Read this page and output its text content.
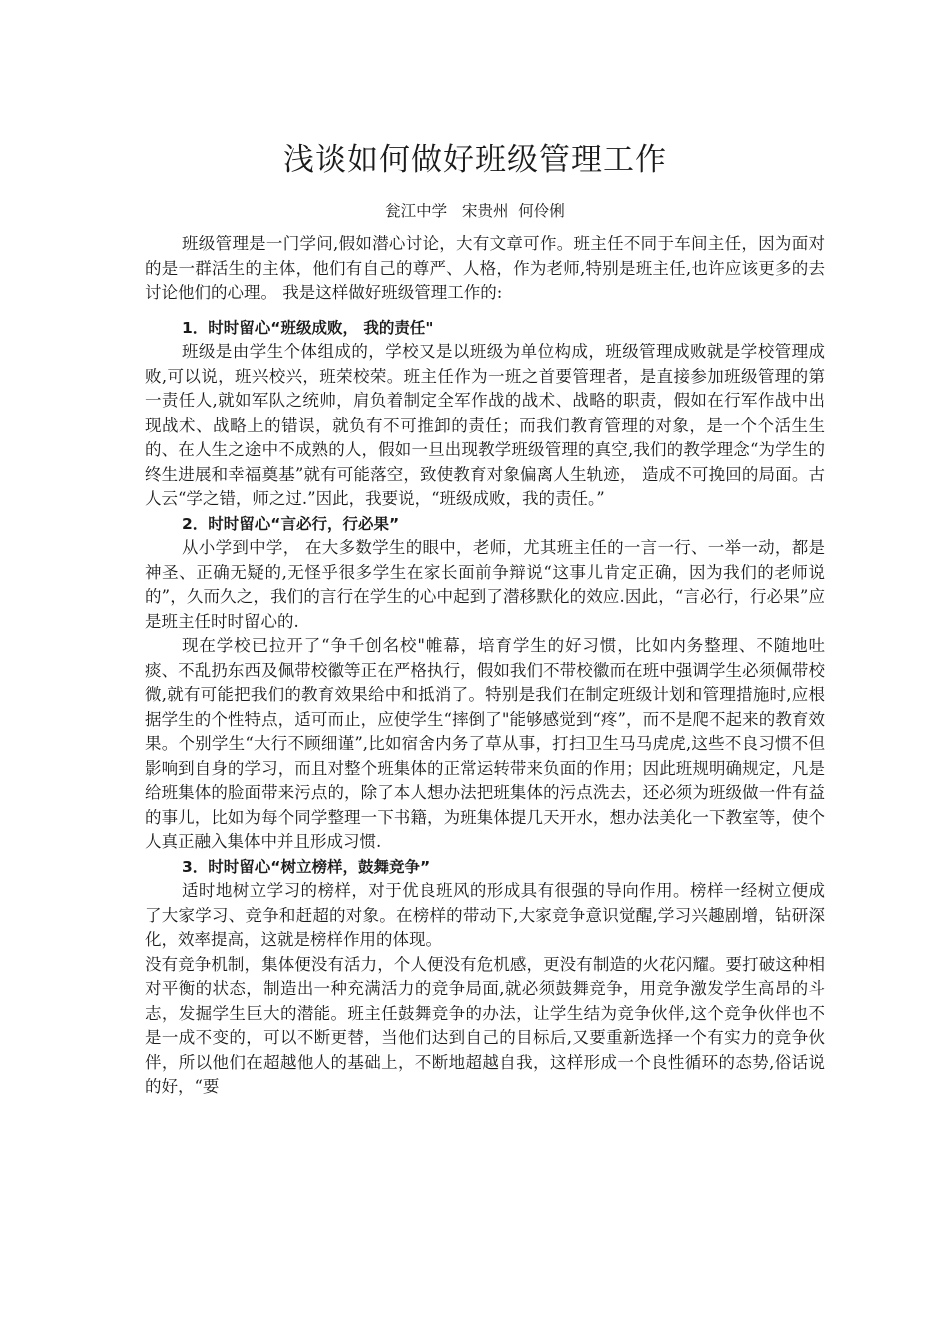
浅谈如何做好班级管理工作
瓮江中学   宋贵州  何伶俐

班级管理是一门学问,假如潜心讨论，大有文章可作。班主任不同于车间主任，因为面对的是一群活生的主体，他们有自己的尊严、人格，作为老师,特别是班主任,也许应该更多的去讨论他们的心理。 我是这样做好班级管理工作的:

1．时时留心“班级成败， 我的责任"

班级是由学生个体组成的，学校又是以班级为单位构成，班级管理成败就是学校管理成败,可以说，班兴校兴，班荣校荣。班主任作为一班之首要管理者，是直接参加班级管理的第一责任人,就如军队之统帅，肩负着制定全军作战的战术、战略的职责，假如在行军作战中出现战术、战略上的错误，就负有不可推卸的责任；而我们教育管理的对象，是一个个活生生的、在人生之途中不成熟的人，假如一旦出现教学班级管理的真空,我们的教学理念“为学生的终生进展和幸福奠基”就有可能落空，致使教育对象偏离人生轨迹， 造成不可挽回的局面。古人云“学之错，师之过.”因此，我要说，“班级成败，我的责任。”

2．时时留心“言必行，行必果”

从小学到中学， 在大多数学生的眼中，老师，尤其班主任的一言一行、一举一动，都是神圣、正确无疑的,无怪乎很多学生在家长面前争辩说“这事儿肯定正确，因为我们的老师说的”，久而久之，我们的言行在学生的心中起到了潜移默化的效应.因此，“言必行，行必果”应是班主任时时留心的.

现在学校已拉开了“争千创名校"帷幕，培育学生的好习惯，比如内务整理、不随地吐痰、不乱扔东西及佩带校徽等正在严格执行，假如我们不带校徽而在班中强调学生必须佩带校微,就有可能把我们的教育效果给中和抵消了。特别是我们在制定班级计划和管理措施时,应根据学生的个性特点，适可而止，应使学生“摔倒了"能够感觉到“疼”，而不是爬不起来的教育效果。个别学生“大行不顾细谨”,比如宿舍内务了草从事，打扫卫生马马虎虎,这些不良习惯不但影响到自身的学习，而且对整个班集体的正常运转带来负面的作用；因此班规明确规定，凡是给班集体的脸面带来污点的，除了本人想办法把班集体的污点洗去，还必须为班级做一件有益的事儿，比如为每个同学整理一下书籍，为班集体提几天开水，想办法美化一下教室等，使个人真正融入集体中并且形成习惯.

3．时时留心“树立榜样，鼓舞竞争”

适时地树立学习的榜样，对于优良班风的形成具有很强的导向作用。榜样一经树立便成了大家学习、竞争和赶超的对象。在榜样的带动下,大家竞争意识觉醒,学习兴趣剧增，钻研深化，效率提高，这就是榜样作用的体现。

没有竞争机制，集体便没有活力，个人便没有危机感，更没有制造的火花闪耀。要打破这种相对平衡的状态，制造出一种充满活力的竞争局面,就必须鼓舞竞争，用竞争激发学生高昂的斗志，发掘学生巨大的潜能。班主任鼓舞竞争的办法，让学生结为竞争伙伴,这个竞争伙伴也不是一成不变的，可以不断更替，当他们达到自己的目标后,又要重新选择一个有实力的竞争伙伴，所以他们在超越他人的基础上，不断地超越自我，这样形成一个良性循环的态势,俗话说的好，“要
